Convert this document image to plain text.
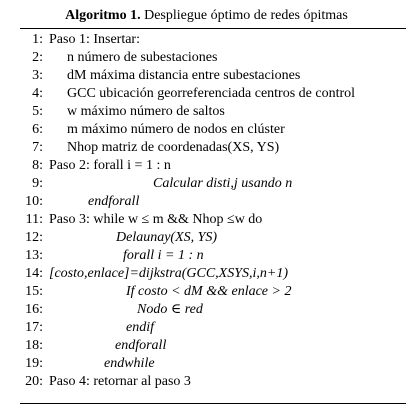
Algoritmo 1. Despliegue óptimo de redes ópitmas
1: Paso 1: Insertar:
2: n número de subestaciones
3: dM máxima distancia entre subestaciones
4: GCC ubicación georreferenciada centros de control
5: w máximo número de saltos
6: m máximo número de nodos en clúster
7: Nhop matriz de coordenadas(XS, YS)
8: Paso 2: forall i = 1 : n
9:	Calcular disti,j usando n
10:	endforall
11: Paso 3: while w ≤ m && Nhop ≤w do
12:	Delaunay(XS, YS)
13:	forall i = 1 : n
14: [costo,enlace]=dijkstra(GCC,XSYS,i,n+1)
15:	If costo < dM && enlace > 2
16:	Nodo ∈ red
17:	endif
18:	endforall
19:	endwhile
20: Paso 4: retornar al paso 3
